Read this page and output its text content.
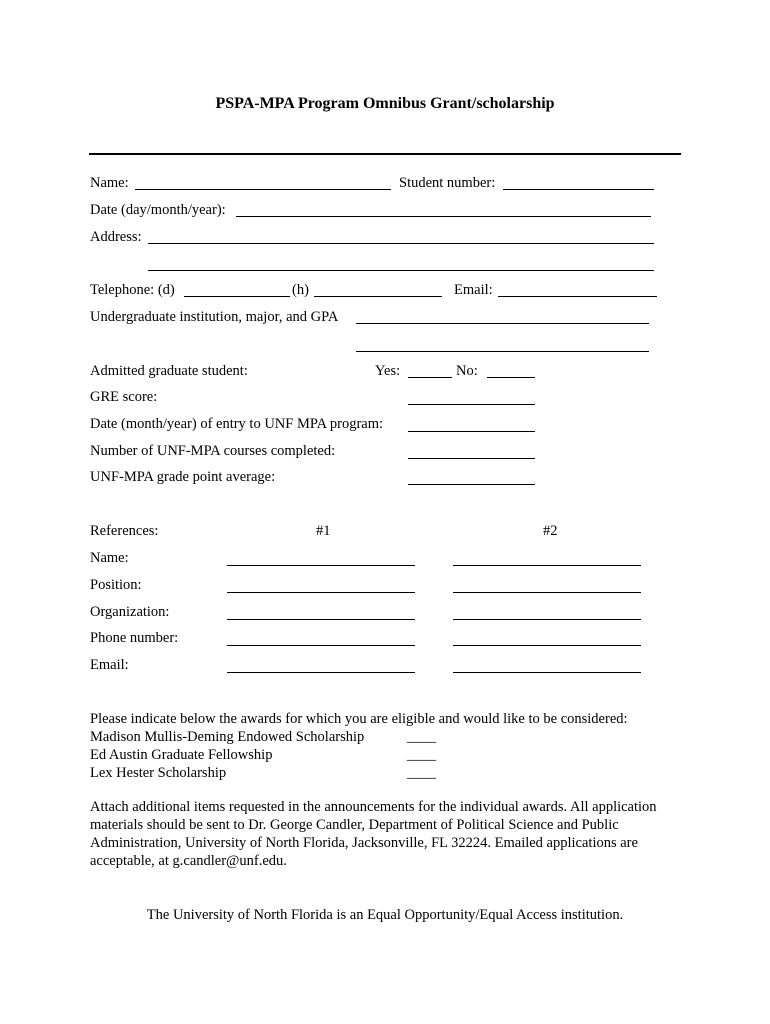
PSPA-MPA Program Omnibus Grant/scholarship
Name:	Student number:
Date (day/month/year):
Address:
Telephone: (d)	(h)	Email:
Undergraduate institution, major, and GPA
Admitted graduate student:	Yes:	No:
GRE score:
Date (month/year) of entry to UNF MPA program:
Number of UNF-MPA courses completed:
UNF-MPA grade point average:
References:	#1	#2
Name:
Position:
Organization:
Phone number:
Email:
Please indicate below the awards for which you are eligible and would like to be considered:
Madison Mullis-Deming Endowed Scholarship	____
Ed Austin Graduate Fellowship	____
Lex Hester Scholarship	____
Attach additional items requested in the announcements for the individual awards. All application materials should be sent to Dr. George Candler, Department of Political Science and Public Administration, University of North Florida, Jacksonville, FL 32224. Emailed applications are acceptable, at g.candler@unf.edu.
The University of North Florida is an Equal Opportunity/Equal Access institution.
